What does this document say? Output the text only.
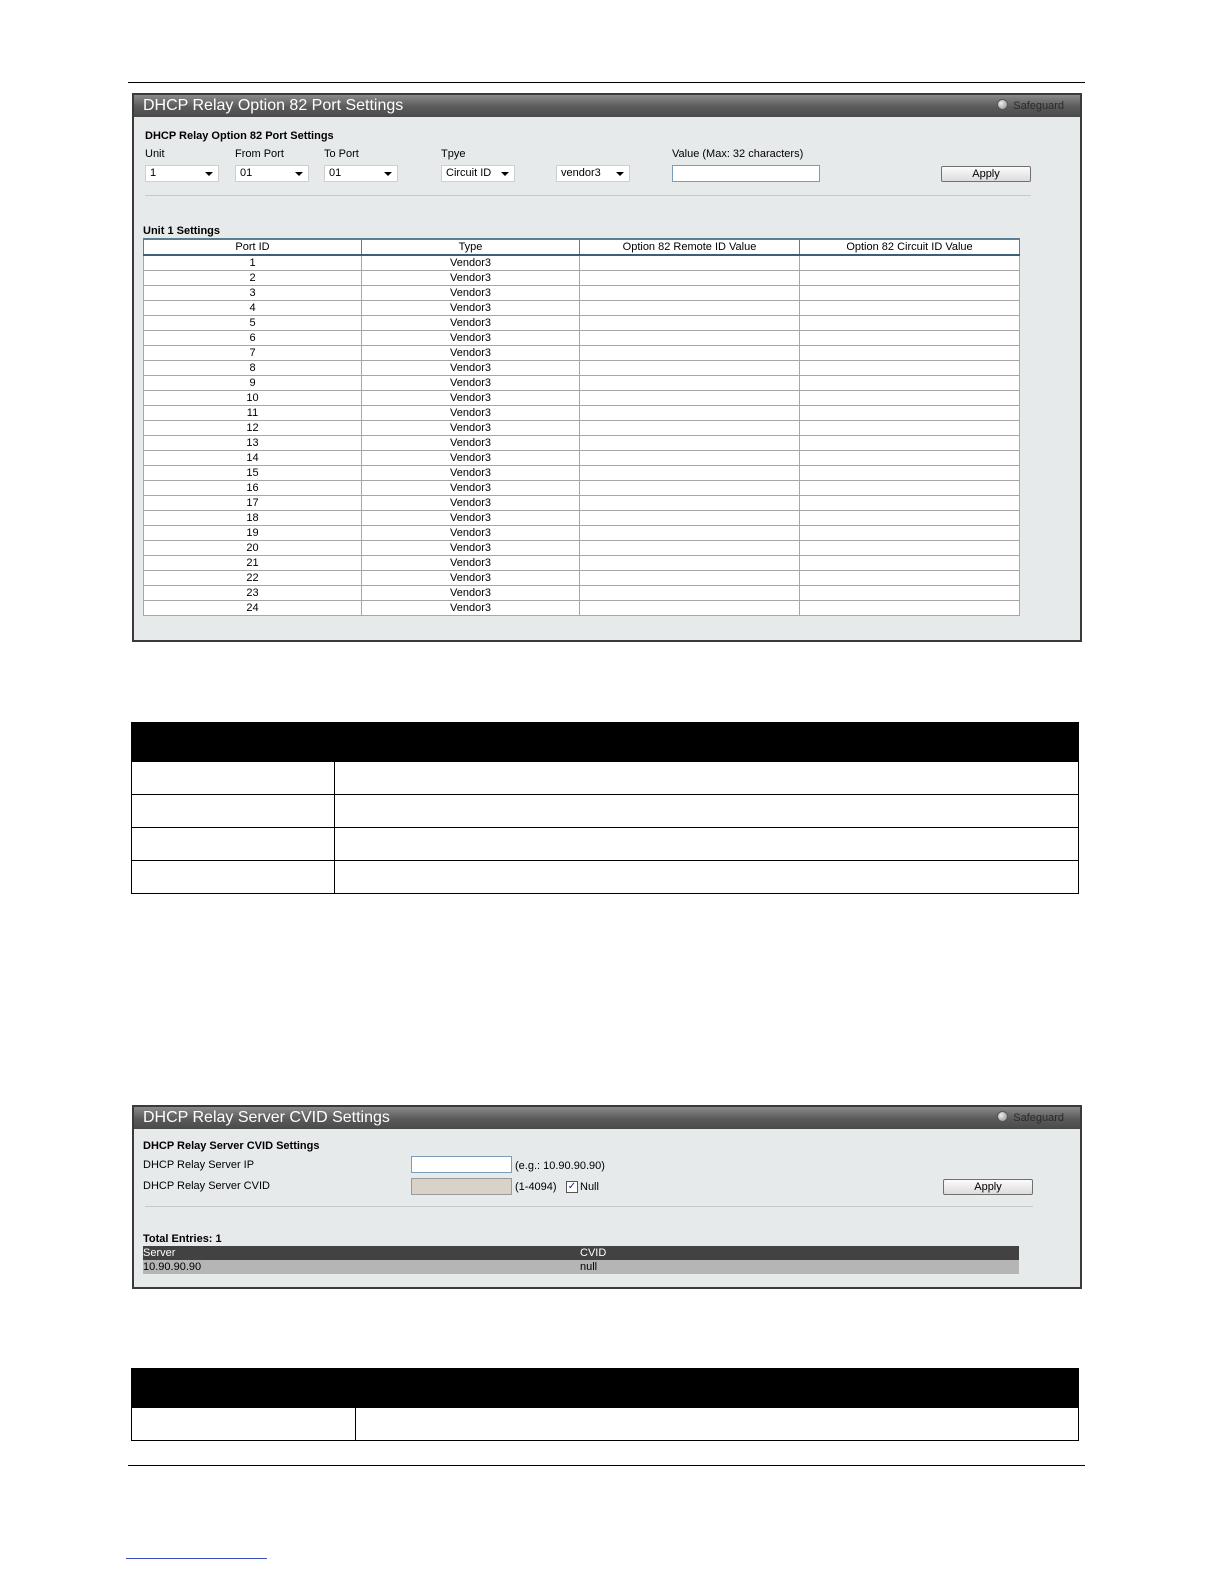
DHCP Relay Option 82 Port Settings	Safeguard
DHCP Relay Option 82 Port Settings
Unit	From Port	To Port	Tpye	Value (Max: 32 characters)
1	01	01	Circuit ID	vendor3	Apply
Unit 1 Settings
Port ID	Type	Option 82 Remote ID Value	Option 82 Circuit ID Value
1	Vendor3		
2	Vendor3		
3	Vendor3		
4	Vendor3		
5	Vendor3		
6	Vendor3		
7	Vendor3		
8	Vendor3		
9	Vendor3		
10	Vendor3		
11	Vendor3		
12	Vendor3		
13	Vendor3		
14	Vendor3		
15	Vendor3		
16	Vendor3		
17	Vendor3		
18	Vendor3		
19	Vendor3		
20	Vendor3		
21	Vendor3		
22	Vendor3		
23	Vendor3		
24	Vendor3		

DHCP Relay Server CVID Settings	Safeguard
DHCP Relay Server CVID Settings
DHCP Relay Server IP	(e.g.: 10.90.90.90)
DHCP Relay Server CVID	(1-4094) ✓ Null	Apply
Total Entries: 1
Server	CVID
10.90.90.90	null
